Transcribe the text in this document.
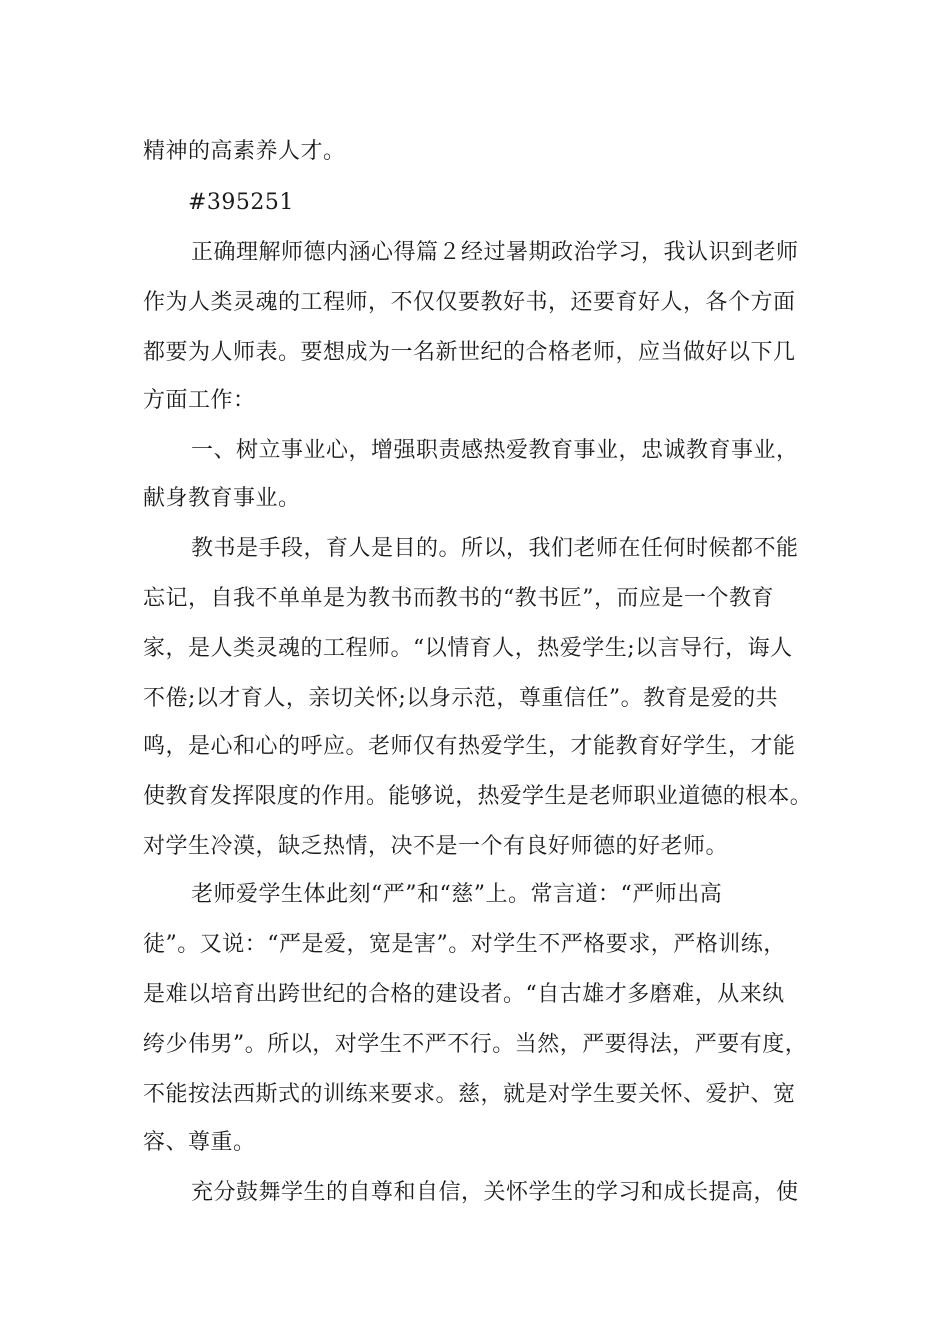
精神的高素养人才。
#395251
正确理解师德内涵心得篇２经过暑期政治学习，我认识到老师
作为人类灵魂的工程师，不仅仅要教好书，还要育好人，各个方面
都要为人师表。要想成为一名新世纪的合格老师，应当做好以下几
方面工作：
一、树立事业心，增强职责感热爱教育事业，忠诚教育事业，
献身教育事业。
教书是手段，育人是目的。所以，我们老师在任何时候都不能
忘记，自我不单单是为教书而教书的“教书匠”，而应是一个教育
家，是人类灵魂的工程师。“以情育人，热爱学生;以言导行，诲人
不倦;以才育人，亲切关怀;以身示范，尊重信任”。教育是爱的共
鸣，是心和心的呼应。老师仅有热爱学生，才能教育好学生，才能
使教育发挥限度的作用。能够说，热爱学生是老师职业道德的根本。
对学生冷漠，缺乏热情，决不是一个有良好师德的好老师。
老师爱学生体此刻“严”和“慈”上。常言道：“严师出高
徒”。又说：“严是爱，宽是害”。对学生不严格要求，严格训练，
是难以培育出跨世纪的合格的建设者。“自古雄才多磨难，从来纨
绔少伟男”。所以，对学生不严不行。当然，严要得法，严要有度，
不能按法西斯式的训练来要求。慈，就是对学生要关怀、爱护、宽
容、尊重。
充分鼓舞学生的自尊和自信，关怀学生的学习和成长提高，使
